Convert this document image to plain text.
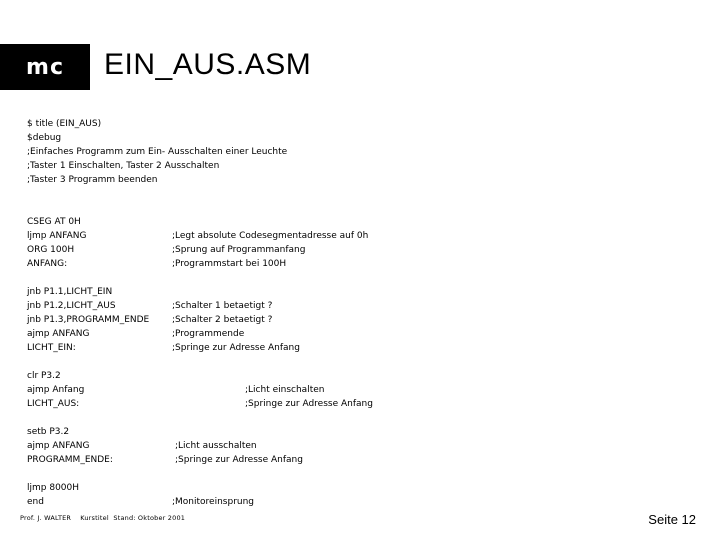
mc	EIN_AUS.ASM
$ title (EIN_AUS)
$debug
;Einfaches Programm zum Ein- Ausschalten einer Leuchte
;Taster 1 Einschalten, Taster 2 Ausschalten
;Taster 3 Programm beenden

CSEG AT 0H

;Legt absolute Codesegmentadresse auf 0h

ljmp ANFANG

;Sprung auf Programmanfang

ORG 100H

;Programmstart bei 100H

ANFANG:

jnb P1.1,LICHT_EIN

;Schalter 1 betaetigt ?

jnb P1.2,LICHT_AUS

;Schalter 2 betaetigt ?

jnb P1.3,PROGRAMM_ENDE

;Programmende

ajmp ANFANG

;Springe zur Adresse Anfang

LICHT_EIN:

clr P3.2

;Licht einschalten

ajmp Anfang

;Springe zur Adresse Anfang

LICHT_AUS:

setb P3.2

;Licht ausschalten

ajmp ANFANG

;Springe zur Adresse Anfang

PROGRAMM_ENDE:

ljmp 8000H

;Monitoreinsprung

end

Prof. J. WALTER    Kurstitel  Stand: Oktober 2001	Seite 12
